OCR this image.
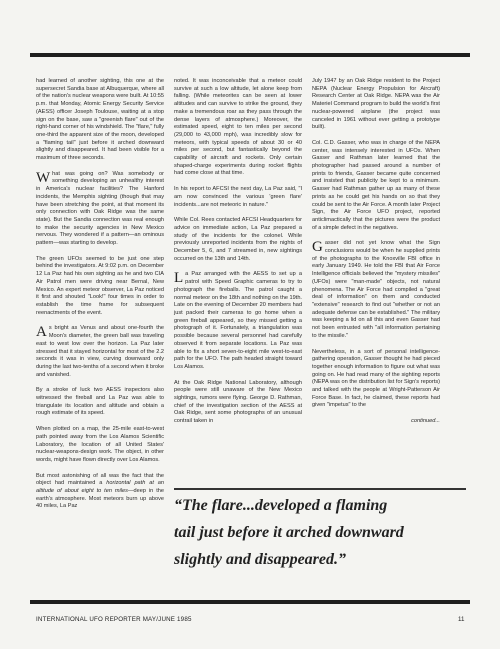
had learned of another sighting, this one at the supersecret Sandia base at Albuquerque, where all of the nation's nuclear weapons were built. At 10:55 p.m. that Monday, Atomic Energy Security Service (AESS) officer Joseph Toulouse, waiting at a stop sign on the base, saw a "greenish flare" out of the right-hand corner of his windshield. The "flare," fully one-third the apparent size of the moon, developed a "flaming tail" just before it arched downward slightly and disappeared. It had been visible for a maximum of three seconds.

What was going on? Was somebody or something developing an unhealthy interest in America's nuclear facilities? The Hanford incidents, the Memphis sighting (though that may have been stretching the point, at that moment its only connection with Oak Ridge was the same state). But the Sandia connection was real enough to make the security agencies in New Mexico nervous. They wondered if a pattern—an ominous pattern—was starting to develop.

The green UFOs seemed to be just one step behind the investigators. At 9:02 p.m. on December 12 La Paz had his own sighting as he and two CIA Air Patrol men were driving near Bernal, New Mexico. An expert meteor observer, La Paz noticed it first and shouted "Look!" four times in order to establish the time frame for subsequent reenactments of the event.

As bright as Venus and about one-fourth the Moon's diameter, the green ball was traveling east to west low over the horizon. La Paz later stressed that it stayed horizontal for most of the 2.2 seconds it was in view, curving downward only during the last two-tenths of a second when it broke and vanished.

By a stroke of luck two AESS inspectors also witnessed the fireball and La Paz was able to triangulate its location and altitude and obtain a rough estimate of its speed.

When plotted on a map, the 25-mile east-to-west path pointed away from the Los Alamos Scientific Laboratory, the location of all United States' nuclear-weapons-design work. The object, in other words, might have flown directly over Los Alamos.

But most astonishing of all was the fact that the object had maintained a horizontal path at an altitude of about eight to ten miles—deep in the earth's atmosphere. Most meteors burn up above 40 miles, La Paz

noted. It was inconceivable that a meteor could survive at such a low altitude, let alone keep from falling. (While meteorites can be seen at lower altitudes and can survive to strike the ground, they make a tremendous roar as they pass through the dense layers of atmosphere.) Moreover, the estimated speed, eight to ten miles per second (29,000 to 43,000 mph), was incredibly slow for meteors, with typical speeds of about 30 or 40 miles per second, but fantastically beyond the capability of aircraft and rockets. Only certain shaped-charge experiments during rocket flights had come close at that time.

In his report to AFCSI the next day, La Paz said, "I am now convinced the various 'green flare' incidents...are not meteoric in nature."

While Col. Rees contacted AFCSI Headquarters for advice on immediate action, La Paz prepared a study of the incidents for the colonel. While previously unreported incidents from the nights of December 5, 6, and 7 streamed in, new sightings occurred on the 13th and 14th.

La Paz arranged with the AESS to set up a patrol with Speed Graphic cameras to try to photograph the fireballs. The patrol caught a normal meteor on the 18th and nothing on the 19th. Late on the evening of December 20 members had just packed their cameras to go home when a green fireball appeared, so they missed getting a photograph of it. Fortunately, a triangulation was possible because several personnel had carefully observed it from separate locations. La Paz was able to fix a short seven-to-eight mile west-to-east path for the UFO. The path headed straight toward Los Alamos.

At the Oak Ridge National Laboratory, although people were still unaware of the New Mexico sightings, rumors were flying. George D. Rathman, chief of the investigation section of the AESS at Oak Ridge, sent some photographs of an unusual contrail taken in

July 1947 by an Oak Ridge resident to the Project NEPA (Nuclear Energy Propulsion for Aircraft) Research Center at Oak Ridge. NEPA was the Air Materiel Command program to build the world's first nuclear-powered airplane (the project was canceled in 1961 without ever getting a prototype built).

Col. C.D. Gasser, who was in charge of the NEPA center, was intensely interested in UFOs. When Gasser and Rathman later learned that the photographer had passed around a number of prints to friends, Gasser became quite concerned and insisted that publicity be kept to a minimum. Gasser had Rathman gather up as many of these prints as he could get his hands on so that they could be sent to the Air Force. A month later Project Sign, the Air Force UFO project, reported anticlimactically that the pictures were the product of a simple defect in the negatives.

Gasser did not yet know what the Sign conclusions would be when he supplied prints of the photographs to the Knoxville FBI office in early January 1949. He told the FBI that Air Force Intelligence officials believed the "mystery missiles" (UFOs) were "man-made" objects, not natural phenomena. The Air Force had compiled a "great deal of information" on them and conducted "extensive" research to find out "whether or not an adequate defense can be established." The military was keeping a lid on all this and even Gasser had not been entrusted with "all information pertaining to the missile."

Nevertheless, in a sort of personal intelligence-gathering operation, Gasser thought he had pieced together enough information to figure out what was going on. He had read many of the sighting reports (NEPA was on the distribution list for Sign's reports) and talked with the people at Wright-Patterson Air Force Base. In fact, he claimed, these reports had given "impetus" to the

continued...

“The flare...developed a flaming
tail just before it arched downward
slightly and disappeared.”
INTERNATIONAL UFO REPORTER MAY/JUNE 1985	11
